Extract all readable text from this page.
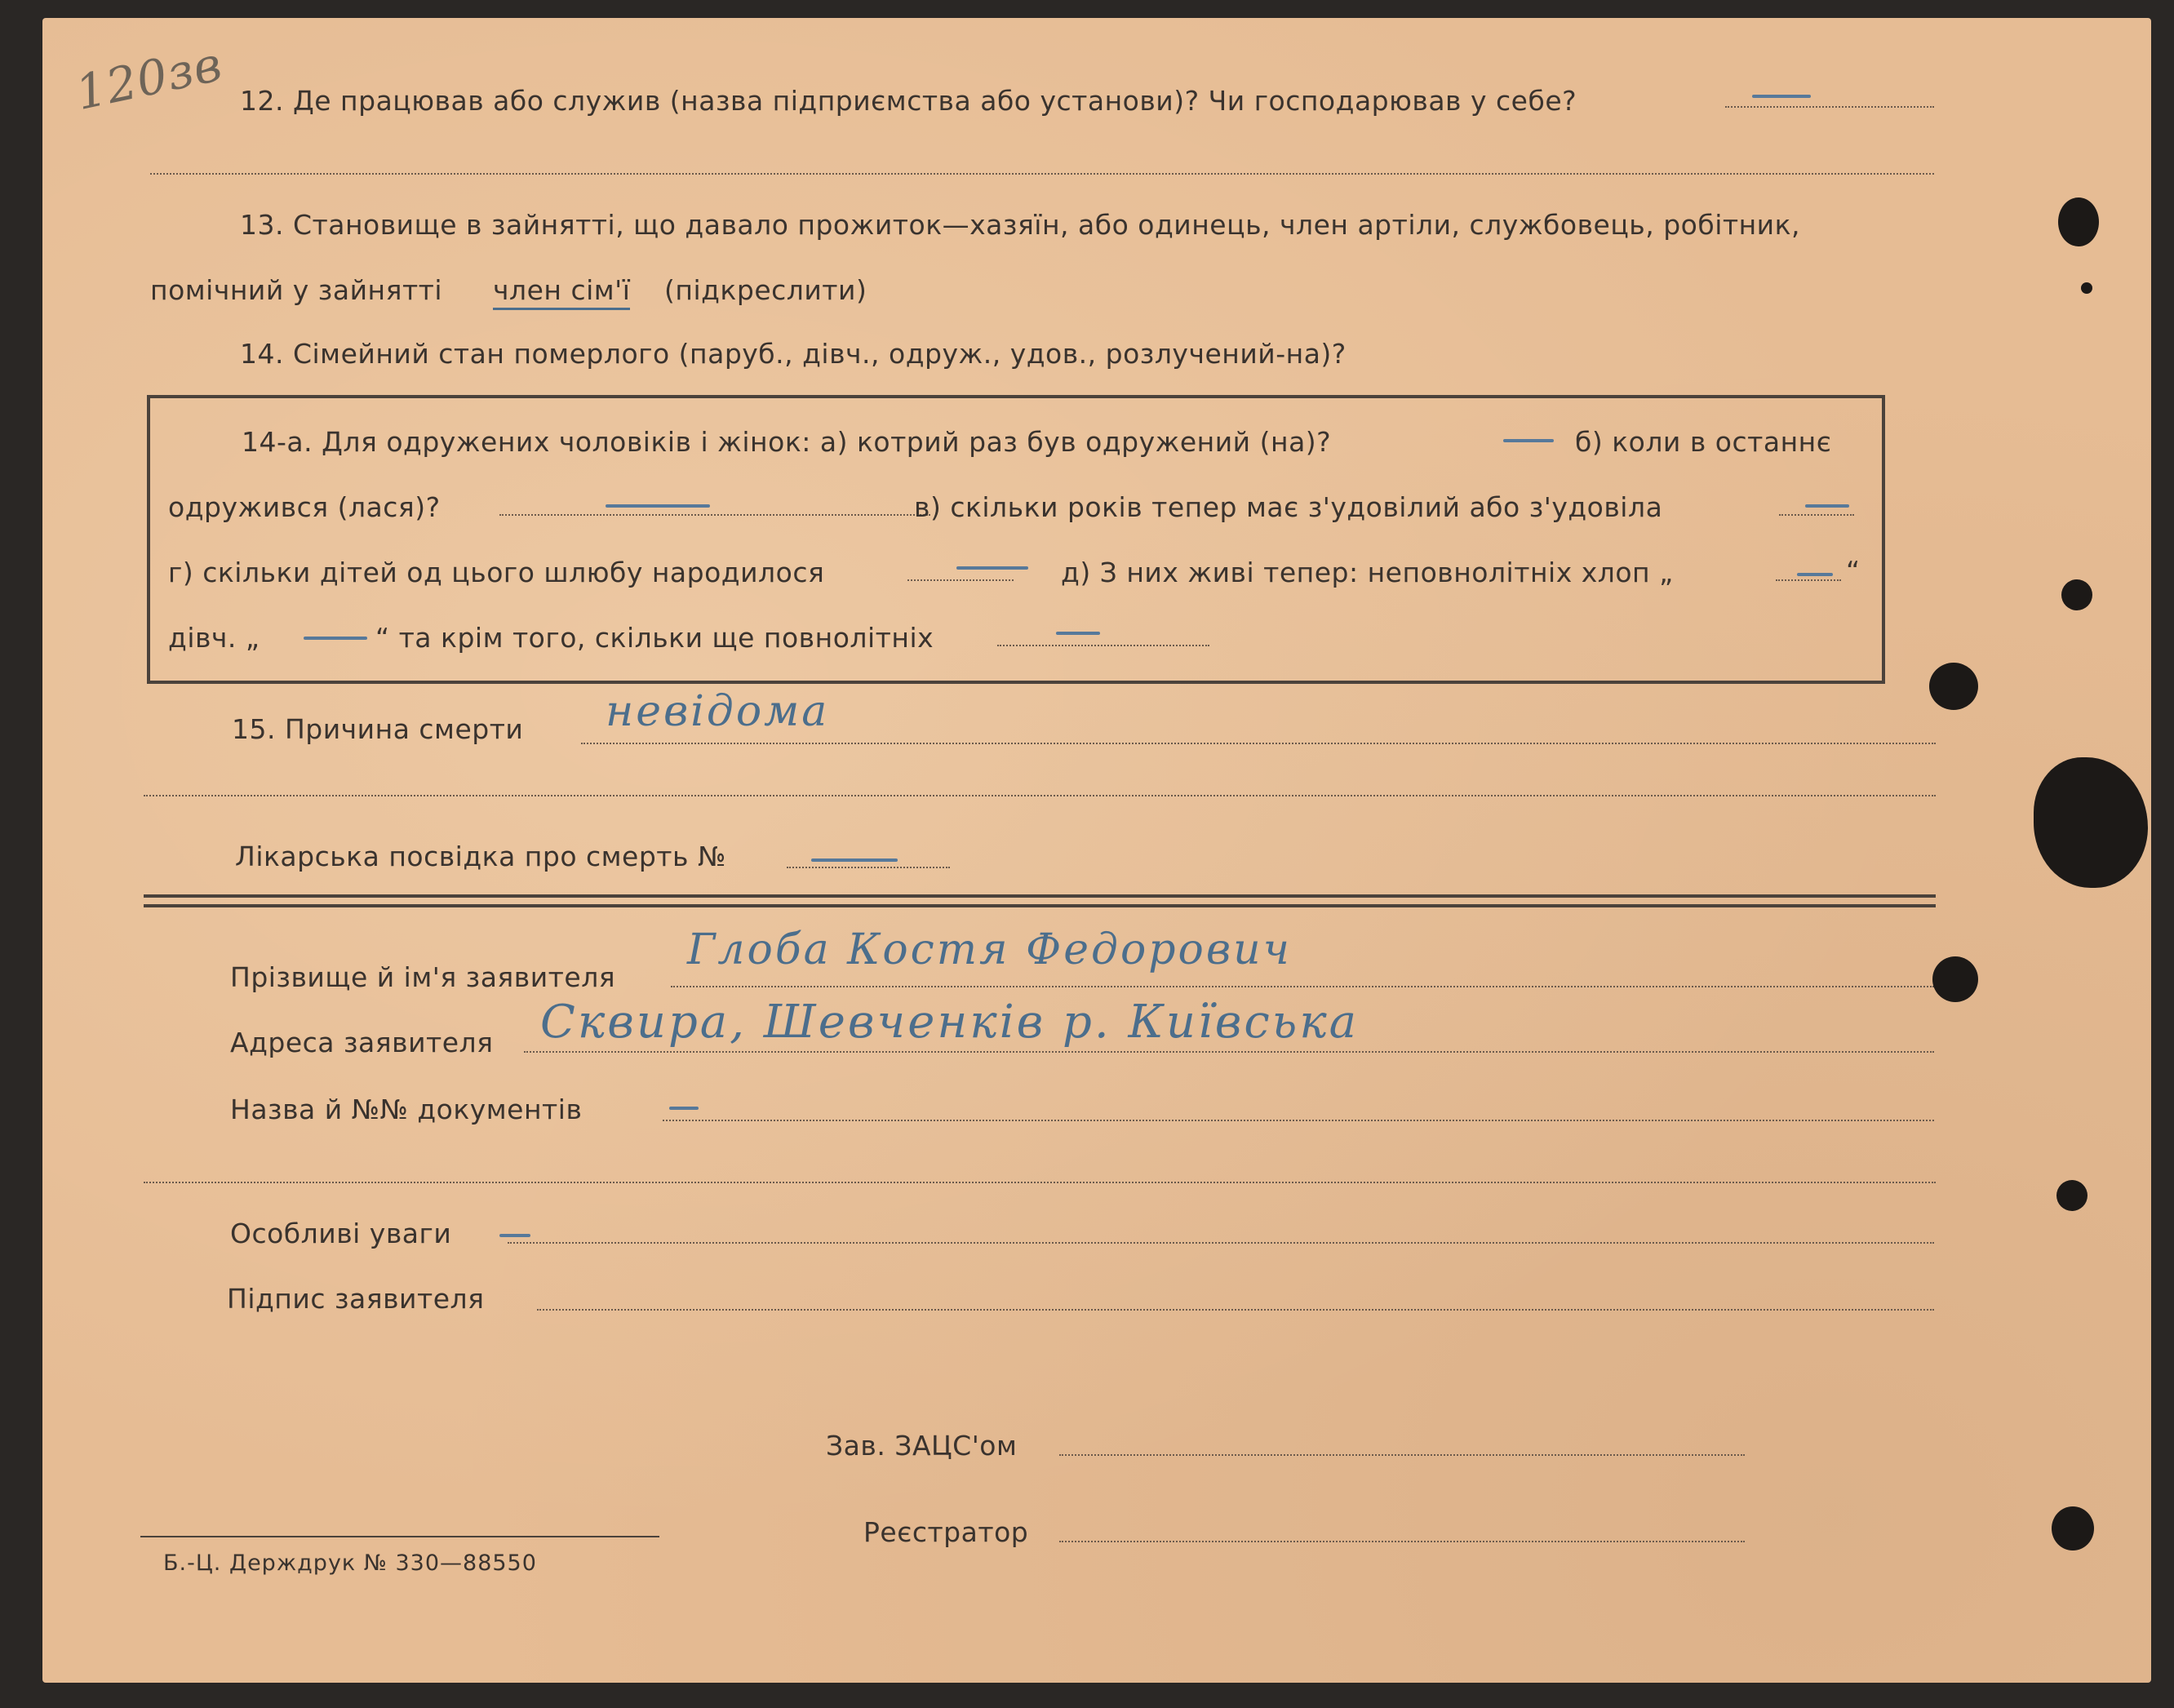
120зв 12. Де працював або служив (назва підприємства або установи)? Чи господарював у себе?
13. Становище в зайнятті, що давало прожиток—хазяїн, або одинець, член артіли, службовець, робітник,
помічний у зайнятті член сім'ї (підкреслити)
14. Сімейний стан померлого (паруб., дівч., одруж., удов., розлучений-на)?
14-а. Для одружених чоловіків і жінок: а) котрий раз був одружений (на)?	б) коли в останнє
одружився (лася)?	в) скільки років тепер має з'удовілий або з'удовіла
г) скільки дітей од цього шлюбу народилося	д) З них живі тепер: неповнолітніх хлоп „	“
дівч. „	“ та крім того, скільки ще повнолітніх
15. Причина смерти невідома
Лікарська посвідка про смерть №
Прізвище й ім'я заявителя
Глоба Костя Федорович
Адреса заявителя Сквира, Шевченків р. Київська
Назва й №№ документів
Особливі уваги
Підпис заявителя
Зав. ЗАЦС'ом
Реєстратор
Б.-Ц. Держдрук № 330—88550
